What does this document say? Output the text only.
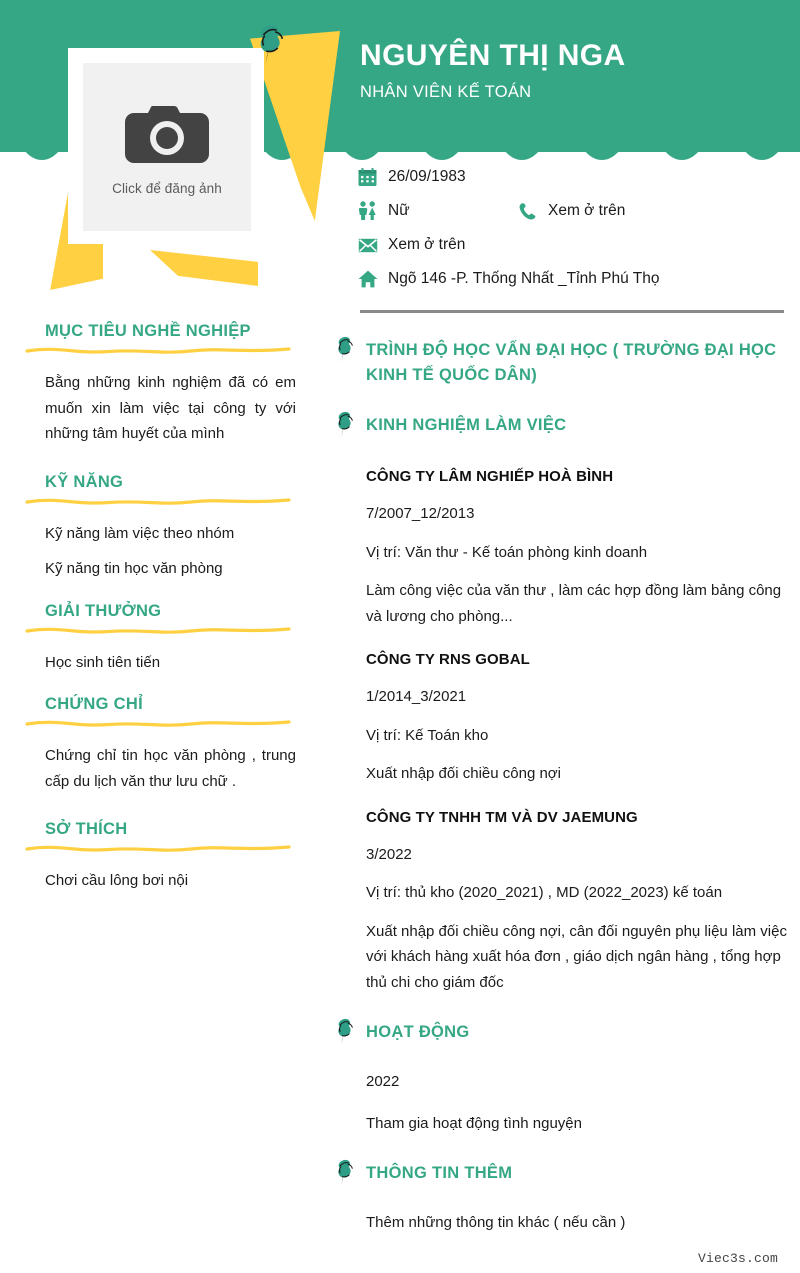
Click để đăng ảnh
NGUYÊN THỊ NGA
NHÂN VIÊN KẾ TOÁN
26/09/1983
Nữ	Xem ở trên
Xem ở trên
Ngõ 146 -P. Thống Nhất _Tỉnh Phú Thọ
TRÌNH ĐỘ HỌC VẤN ĐẠI HỌC ( TRƯỜNG ĐẠI HỌC KINH TẾ QUỐC DÂN)
KINH NGHIỆM LÀM VIỆC
CÔNG TY LÂM NGHIẾP HOÀ BÌNH
7/2007_12/2013
Vị trí: Văn thư - Kế toán phòng kinh doanh
Làm công việc của văn thư , làm các hợp đồng làm bảng công và lương cho phòng...
CÔNG TY RNS GOBAL
1/2014_3/2021
Vị trí: Kế Toán kho
Xuất nhập đối chiều công nợi
CÔNG TY TNHH TM VÀ DV JAEMUNG
3/2022
Vị trí: thủ kho (2020_2021) , MD (2022_2023) kế toán
Xuất nhập đối chiều công nợi, cân đối nguyên phụ liệu làm việc với khách hàng xuất hóa đơn , giáo dịch ngân hàng , tổng hợp thủ chi cho giám đốc
HOẠT ĐỘNG
2022
Tham gia hoạt động tình nguyện
THÔNG TIN THÊM
Thêm những thông tin khác ( nếu cần )
MỤC TIÊU NGHỀ NGHIỆP
Bằng những kinh nghiệm đã có em muốn xin làm việc tại công ty với những tâm huyết của mình
KỸ NĂNG
Kỹ năng làm việc theo nhóm
Kỹ năng tin học văn phòng
GIẢI THƯỞNG
Học sinh tiên tiến
CHỨNG CHỈ
Chứng chỉ tin học văn phòng , trung cấp du lịch văn thư lưu chữ .
SỞ THÍCH
Chơi cầu lông bơi nội
Viec3s.com
